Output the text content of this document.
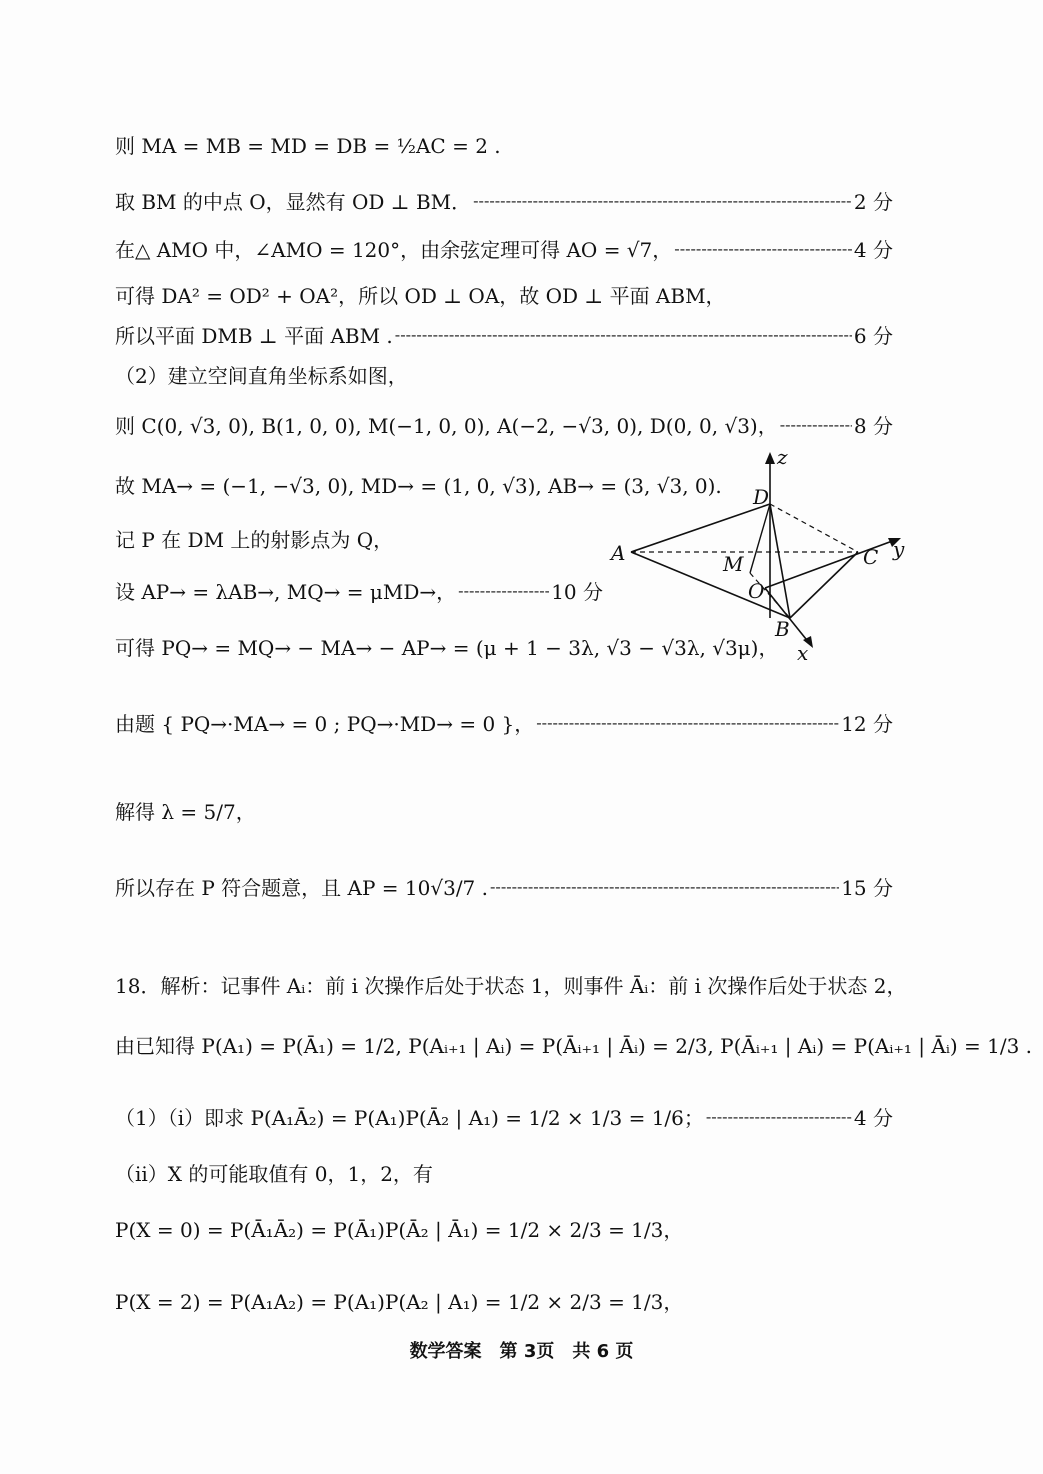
则 MA = MB = MD = DB = ½AC = 2 .
取 BM 的中点 O，显然有 OD ⊥ BM． -----	2 分
在△ AMO 中，∠AMO = 120°，由余弦定理可得 AO = √7， -----	4 分
可得 DA² = OD² + OA²，所以 OD ⊥ OA，故 OD ⊥ 平面 ABM，
所以平面 DMB ⊥ 平面 ABM . -----	6 分
（2）建立空间直角坐标系如图，
则 C(0, √3, 0), B(1, 0, 0), M(−1, 0, 0), A(−2, −√3, 0), D(0, 0, √3)， -----	8 分
故 MA→ = (−1, −√3, 0), MD→ = (1, 0, √3), AB→ = (3, √3, 0).
记 P 在 DM 上的射影点为 Q，
设 AP→ = λAB→, MQ→ = μMD→， -----	10 分
可得 PQ→ = MQ→ − MA→ − AP→ = (μ + 1 − 3λ, √3 − √3λ, √3μ)，
由题 { PQ→·MA→ = 0 ; PQ→·MD→ = 0 }， -----	12 分
解得 λ = 5/7，
所以存在 P 符合题意，且 AP = 10√3/7 . -----	15 分
18．解析：记事件 Aᵢ：前 i 次操作后处于状态 1，则事件 Āᵢ：前 i 次操作后处于状态 2，
由已知得 P(A₁) = P(Ā₁) = 1/2, P(Aᵢ₊₁ | Aᵢ) = P(Āᵢ₊₁ | Āᵢ) = 2/3, P(Āᵢ₊₁ | Aᵢ) = P(Aᵢ₊₁ | Āᵢ) = 1/3 .
（1）（i）即求 P(A₁Ā₂) = P(A₁)P(Ā₂ | A₁) = 1/2 × 1/3 = 1/6； -----	4 分
（ii）X 的可能取值有 0，1，2，有
P(X = 0) = P(Ā₁Ā₂) = P(Ā₁)P(Ā₂ | Ā₁) = 1/2 × 2/3 = 1/3，
P(X = 2) = P(A₁A₂) = P(A₁)P(A₂ | A₁) = 1/2 × 2/3 = 1/3，
z
D
A	M	C y
O
B
x
数学答案　第 3页　共 6 页
